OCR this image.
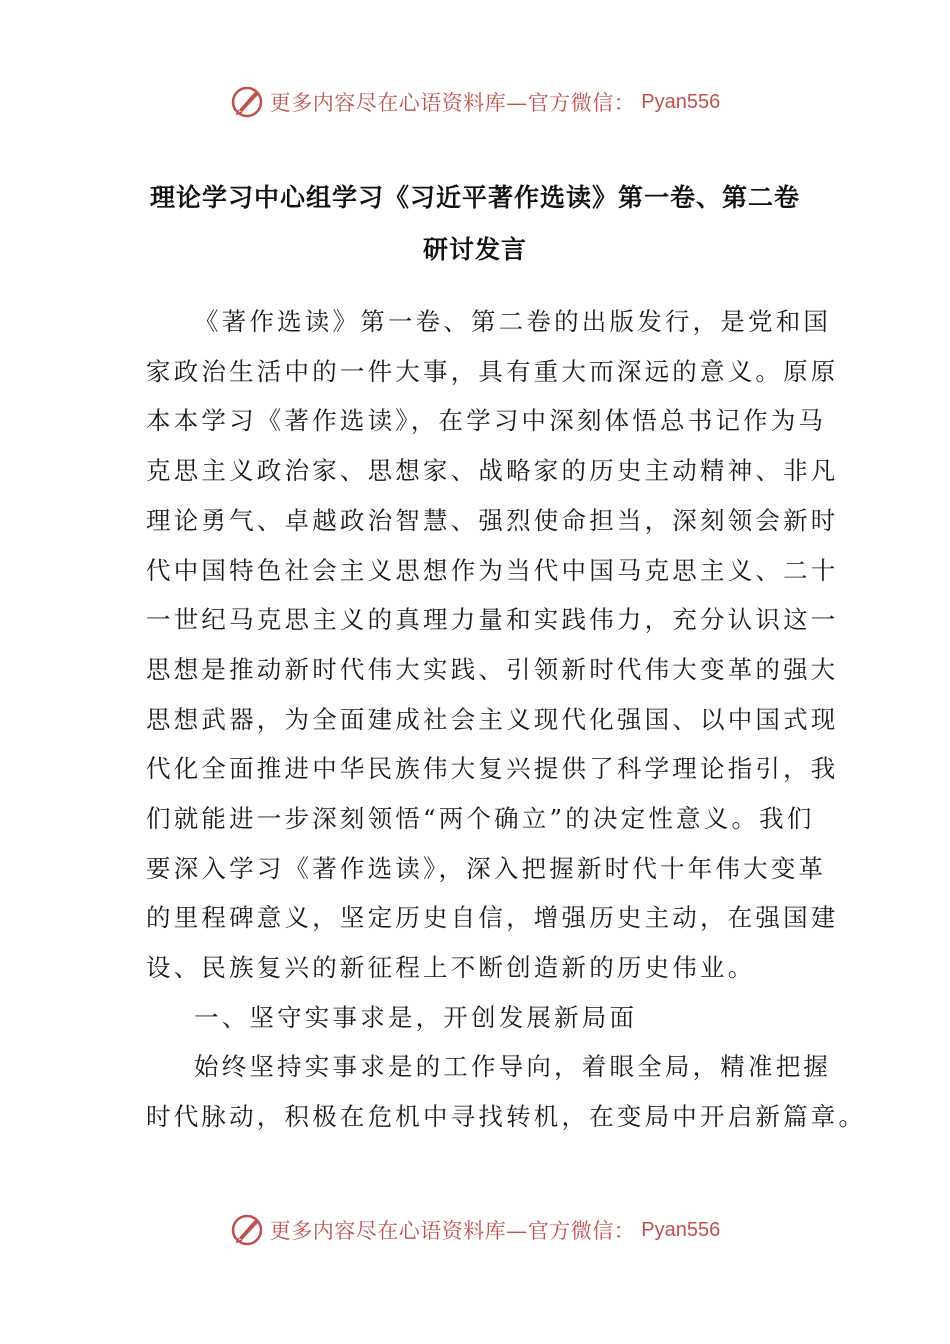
更多内容尽在心语资料库—官方微信： Pyan556
理论学习中心组学习《习近平著作选读》第一卷、第二卷
研讨发言
《著作选读》第一卷、第二卷的出版发行，是党和国
家政治生活中的一件大事，具有重大而深远的意义。原原
本本学习《著作选读》，在学习中深刻体悟总书记作为马
克思主义政治家、思想家、战略家的历史主动精神、非凡
理论勇气、卓越政治智慧、强烈使命担当，深刻领会新时
代中国特色社会主义思想作为当代中国马克思主义、二十
一世纪马克思主义的真理力量和实践伟力，充分认识这一
思想是推动新时代伟大实践、引领新时代伟大变革的强大
思想武器，为全面建成社会主义现代化强国、以中国式现
代化全面推进中华民族伟大复兴提供了科学理论指引，我
们就能进一步深刻领悟“两个确立”的决定性意义。我们
要深入学习《著作选读》，深入把握新时代十年伟大变革
的里程碑意义，坚定历史自信，增强历史主动，在强国建
设、民族复兴的新征程上不断创造新的历史伟业。
一、坚守实事求是，开创发展新局面
始终坚持实事求是的工作导向，着眼全局，精准把握
时代脉动，积极在危机中寻找转机，在变局中开启新篇章。
更多内容尽在心语资料库—官方微信： Pyan556
